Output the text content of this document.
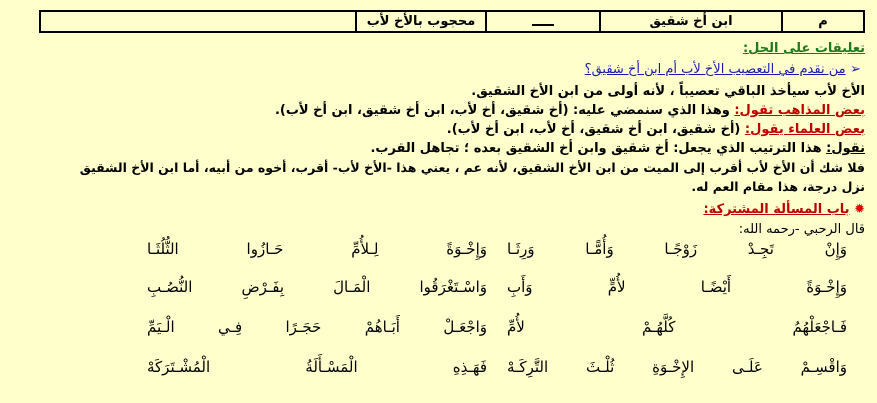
م	ابن أخ شقيق		محجوب بالأخ لأب	
تعليقات على الحل:
➢ من نقدم في التعصيب الأخ لأب أم ابن أخ شقيق؟
الأخ لأب سيأخذ الباقي تعصيباً ، لأنه أولى من ابن الأخ الشقيق.
بعض المذاهب تقول: وهذا الذي سنمضي عليه: (أخ شقيق، أخ لأب، ابن أخ شقيق، ابن أخ لأب).
بعض العلماء يقول: (أخ شقيق، ابن أخ شقيق، أخ لأب، ابن أخ لأب).
نقول: هذا الترتيب الذي يجعل: أخ شقيق وابن أخ الشقيق بعده ؛ تجاهل القرب.
فلا شك أن الأخ لأب أقرب إلى الميت من ابن الأخ الشقيق، لأنه عم ، يعني هذا -الأخ لأب- أقرب، أخوه من أبيه، أما ابن الأخ الشقيق
نزل درجة، هذا مقام العم له.
✹ باب المسألة المشتركة:
قال الرحبي -رحمه الله:
وَإِنْ تَجِـدْ زَوْجًـا وَأُمًّـا وَرِثَـا
وَإِخْـوَةً لِـلأُمِّ حَـازُوا الثُّلُثَـا
وَإِخْـوَةً أَيْضًـا لأُمٍّ وَأَبِ
وَاسْـتَغْرَقُوا الْمَـالَ بِفَـرْضِ النُّصُـبِ
فَـاجْعَلْهُمُ كُلَّهُـمْ لأُمِّ
وَاجْعَـلْ أَبَـاهُمْ حَجَـرًا فِـي الْـيَمِّ
وَاقْسِـمْ عَلَـى الإِخْـوَةِ ثُلْـثَ التَّرِكَـهْ
فَهَـذِهِ الْمَسْـأَلَةُ الْمُشْـتَرَكَهْ
